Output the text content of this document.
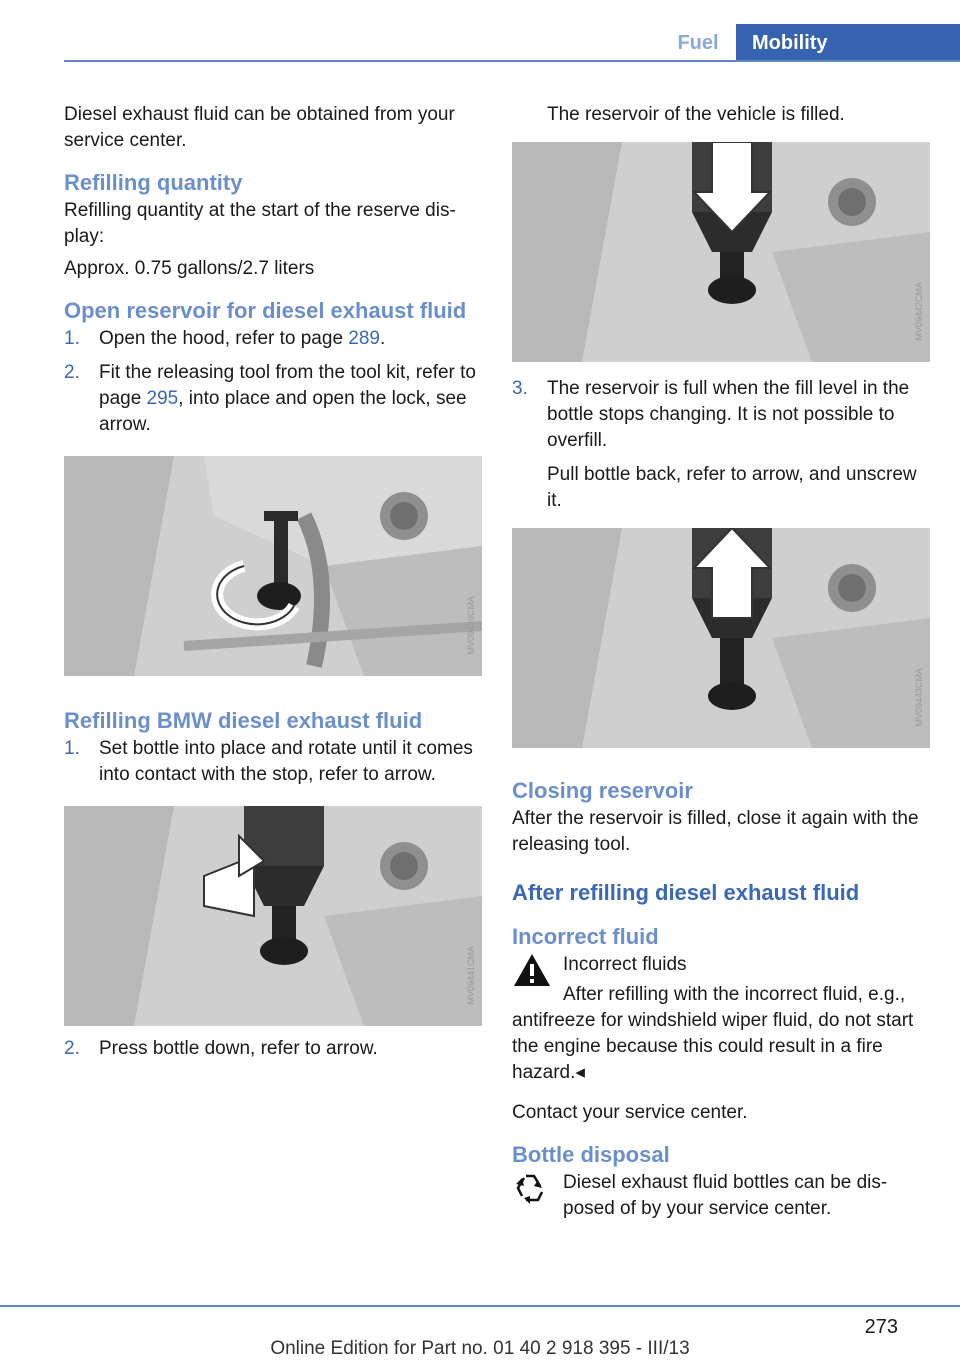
Fuel	Mobility

Diesel exhaust fluid can be obtained from your service center.

Refilling quantity

Refilling quantity at the start of the reserve display:

Approx. 0.75 gallons/2.7 liters

Open reservoir for diesel exhaust fluid
1. Open the hood, refer to page 289.
2. Fit the releasing tool from the tool kit, refer to page 295, into place and open the lock, see arrow.
MV09439CMA
Refilling BMW diesel exhaust fluid
1. Set bottle into place and rotate until it comes into contact with the stop, refer to arrow.
MV09441CMA
2. Press bottle down, refer to arrow.

The reservoir of the vehicle is filled.

MV09442CMA
3. The reservoir is full when the fill level in the bottle stops changing. It is not possible to overfill.

Pull bottle back, refer to arrow, and unscrew it.

MV09443CMA
Closing reservoir

After the reservoir is filled, close it again with the releasing tool.

After refilling diesel exhaust fluid
Incorrect fluid

Incorrect fluids

After refilling with the incorrect fluid, e.g., antifreeze for windshield wiper fluid, do not start the engine because this could result in a fire hazard.◂

Contact your service center.

Bottle disposal

Diesel exhaust fluid bottles can be disposed of by your service center.

273
Online Edition for Part no. 01 40 2 918 395 - III/13
